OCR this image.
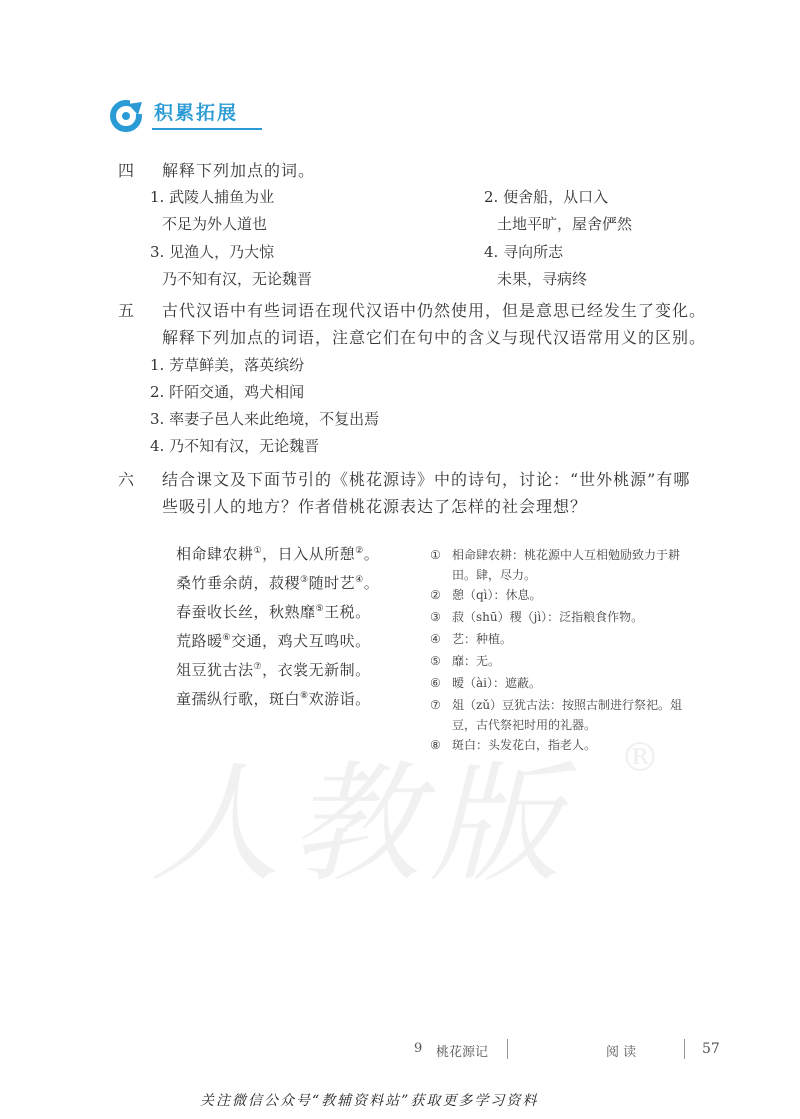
积累拓展
四 解释下列加点的词。
1. 武陵人捕鱼为业
不足为外人道也
2. 便舍船，从口入
土地平旷，屋舍俨然
3. 见渔人，乃大惊
乃不知有汉，无论魏晋
4. 寻向所志
未果，寻病终
五 古代汉语中有些词语在现代汉语中仍然使用，但是意思已经发生了变化。
解释下列加点的词语，注意它们在句中的含义与现代汉语常用义的区别。
1. 芳草鲜美，落英缤纷
2. 阡陌交通，鸡犬相闻
3. 率妻子邑人来此绝境，不复出焉
4. 乃不知有汉，无论魏晋
六 结合课文及下面节引的《桃花源诗》中的诗句，讨论：“世外桃源”有哪
些吸引人的地方？作者借桃花源表达了怎样的社会理想？
相命肆农耕①，日入从所憩②。
桑竹垂余荫，菽稷③随时艺④。
春蚕收长丝，秋熟靡⑤王税。
荒路暧⑥交通，鸡犬互鸣吠。
俎豆犹古法⑦，衣裳无新制。
童孺纵行歌，斑白⑧欢游诣。
① 相命肆农耕：桃花源中人互相勉励致力于耕
田。肆，尽力。
② 憩（qì）：休息。
③ 菽（shū）稷（jì）：泛指粮食作物。
④ 艺：种植。
⑤ 靡：无。
⑥ 暧（ài）：遮蔽。
⑦ 俎（zǔ）豆犹古法：按照古制进行祭祀。俎
豆，古代祭祀时用的礼器。
⑧ 斑白：头发花白，指老人。
人教版 ®
9 桃花源记	阅 读	57
关注微信公众号“教辅资料站”获取更多学习资料
